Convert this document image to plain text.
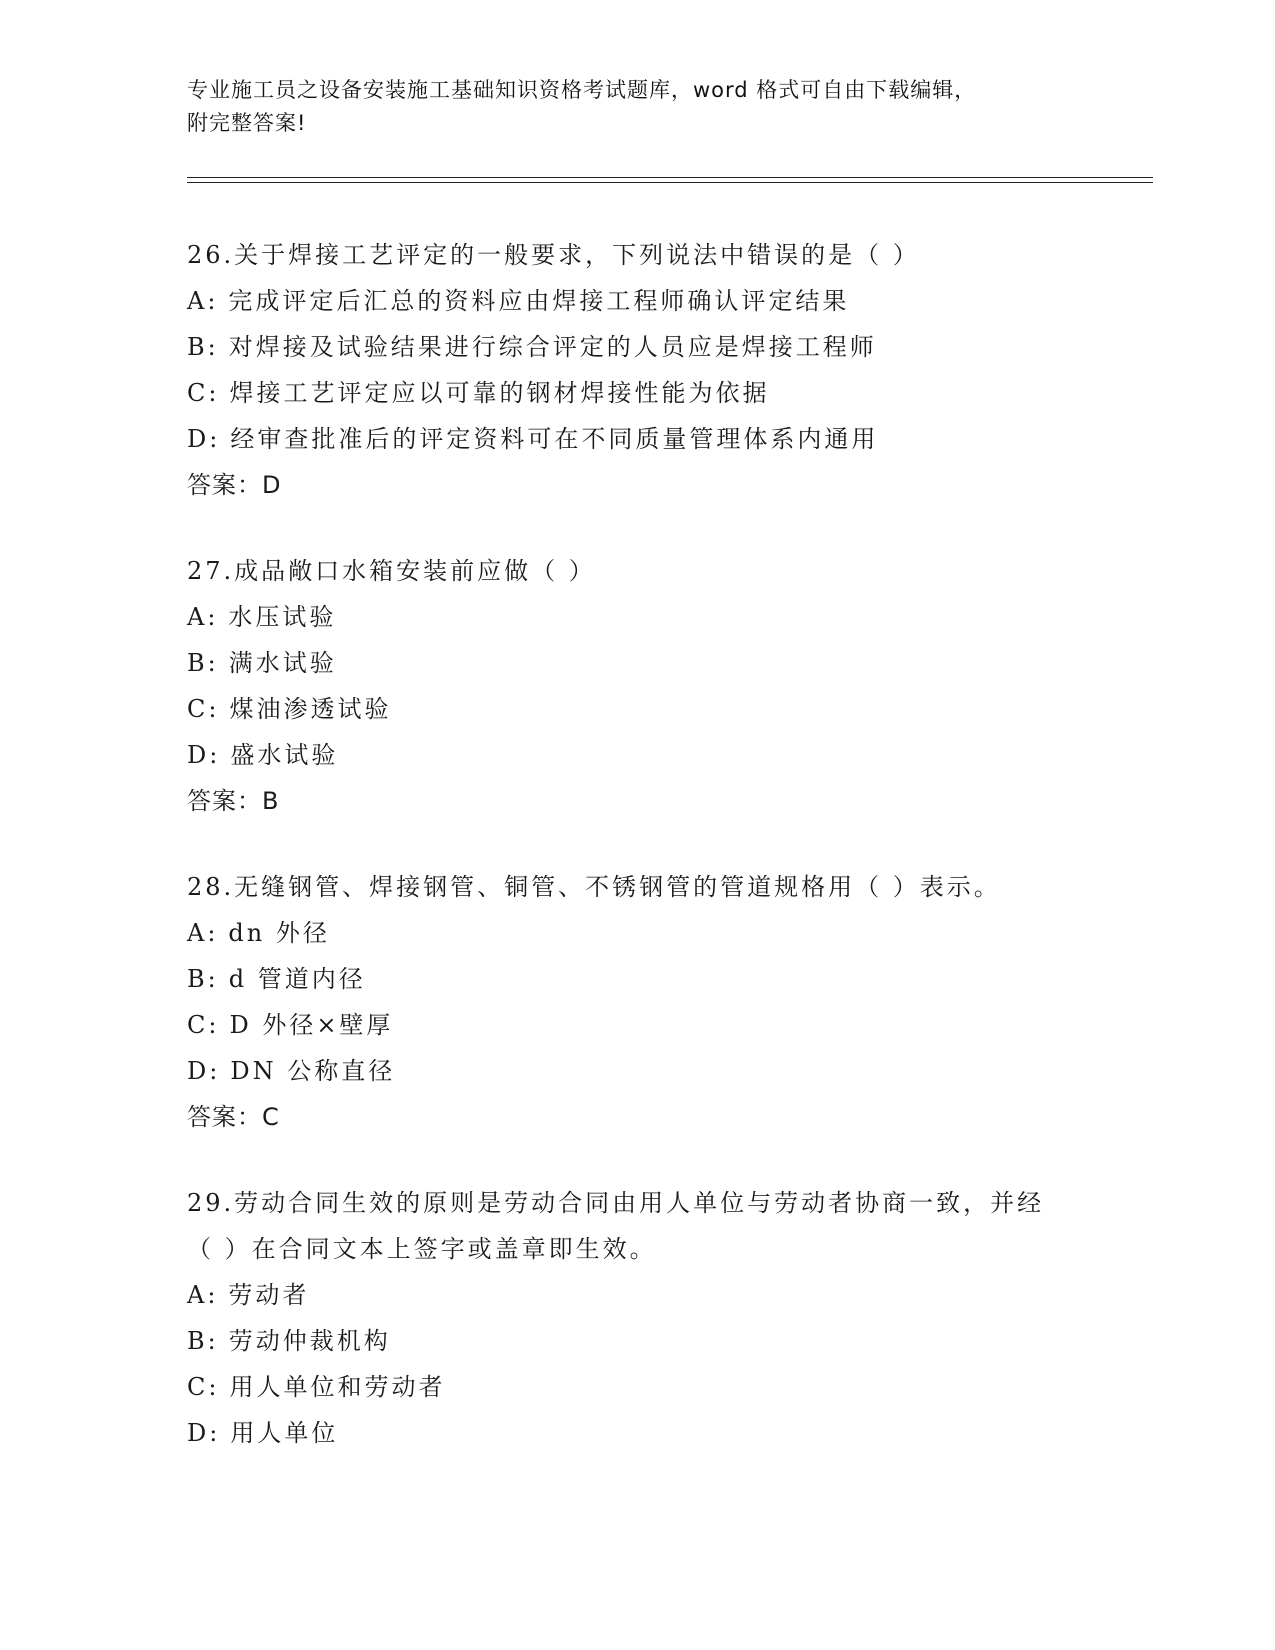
专业施工员之设备安装施工基础知识资格考试题库，word 格式可自由下载编辑，
附完整答案!
26.关于焊接工艺评定的一般要求，下列说法中错误的是（ ）
A: 完成评定后汇总的资料应由焊接工程师确认评定结果
B: 对焊接及试验结果进行综合评定的人员应是焊接工程师
C: 焊接工艺评定应以可靠的钢材焊接性能为依据
D: 经审查批准后的评定资料可在不同质量管理体系内通用
答案：D
27.成品敞口水箱安装前应做（ ）
A: 水压试验
B: 满水试验
C: 煤油渗透试验
D: 盛水试验
答案：B
28.无缝钢管、焊接钢管、铜管、不锈钢管的管道规格用（ ）表示。
A: dn 外径
B: d 管道内径
C: D 外径×壁厚
D: DN 公称直径
答案：C
29.劳动合同生效的原则是劳动合同由用人单位与劳动者协商一致，并经（ ）在合同文本上签字或盖章即生效。
A: 劳动者
B: 劳动仲裁机构
C: 用人单位和劳动者
D: 用人单位
